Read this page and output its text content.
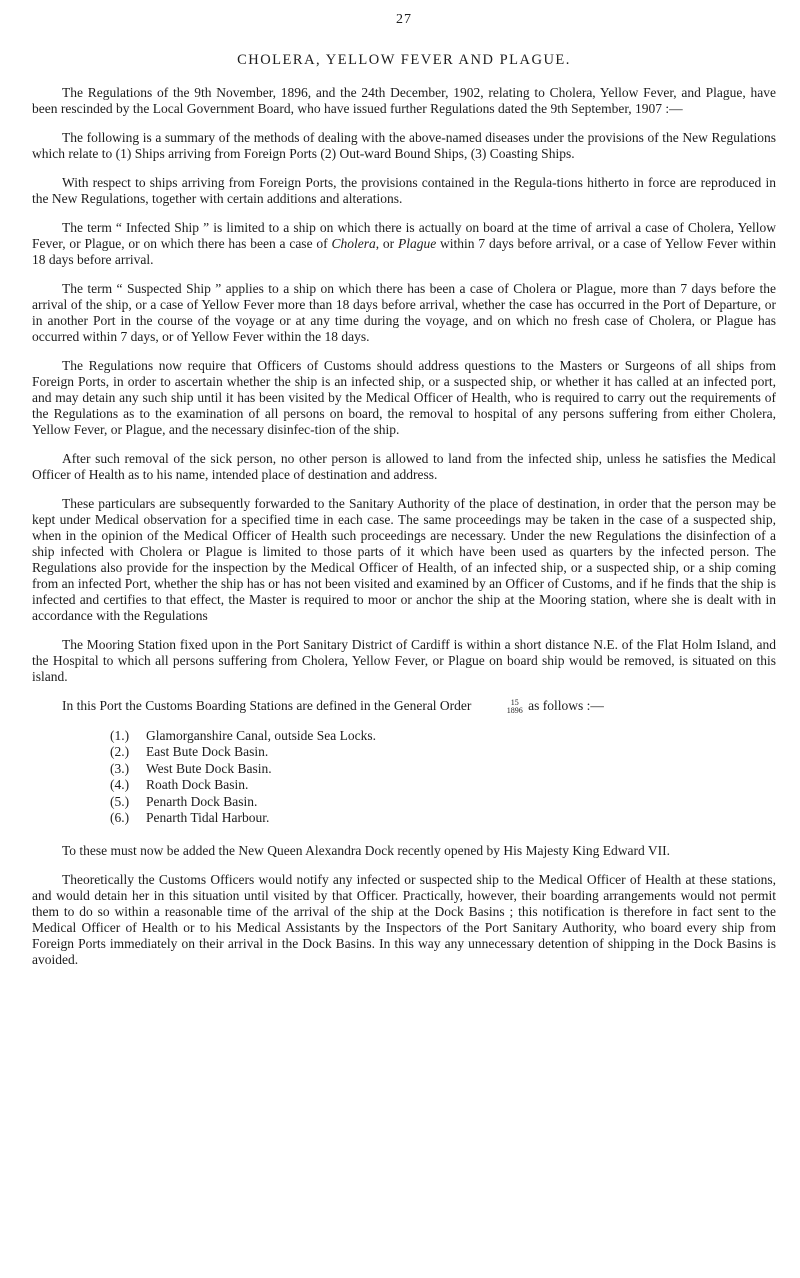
27
CHOLERA, YELLOW FEVER AND PLAGUE.

The Regulations of the 9th November, 1896, and the 24th December, 1902, relating to Cholera, Yellow Fever, and Plague, have been rescinded by the Local Government Board, who have issued further Regulations dated the 9th September, 1907 :—

The following is a summary of the methods of dealing with the above-named diseases under the provisions of the New Regulations which relate to (1) Ships arriving from Foreign Ports (2) Out-ward Bound Ships, (3) Coasting Ships.

With respect to ships arriving from Foreign Ports, the provisions contained in the Regula-tions hitherto in force are reproduced in the New Regulations, together with certain additions and alterations.

The term “ Infected Ship ” is limited to a ship on which there is actually on board at the time of arrival a case of Cholera, Yellow Fever, or Plague, or on which there has been a case of Cholera, or Plague within 7 days before arrival, or a case of Yellow Fever within 18 days before arrival.

The term “ Suspected Ship ” applies to a ship on which there has been a case of Cholera or Plague, more than 7 days before the arrival of the ship, or a case of Yellow Fever more than 18 days before arrival, whether the case has occurred in the Port of Departure, or in another Port in the course of the voyage or at any time during the voyage, and on which no fresh case of Cholera, or Plague has occurred within 7 days, or of Yellow Fever within the 18 days.

The Regulations now require that Officers of Customs should address questions to the Masters or Surgeons of all ships from Foreign Ports, in order to ascertain whether the ship is an infected ship, or a suspected ship, or whether it has called at an infected port, and may detain any such ship until it has been visited by the Medical Officer of Health, who is required to carry out the requirements of the Regulations as to the examination of all persons on board, the removal to hospital of any persons suffering from either Cholera, Yellow Fever, or Plague, and the necessary disinfec-tion of the ship.

After such removal of the sick person, no other person is allowed to land from the infected ship, unless he satisfies the Medical Officer of Health as to his name, intended place of destination and address.

These particulars are subsequently forwarded to the Sanitary Authority of the place of destination, in order that the person may be kept under Medical observation for a specified time in each case. The same proceedings may be taken in the case of a suspected ship, when in the opinion of the Medical Officer of Health such proceedings are necessary. Under the new Regulations the disinfection of a ship infected with Cholera or Plague is limited to those parts of it which have been used as quarters by the infected person. The Regulations also provide for the inspection by the Medical Officer of Health, of an infected ship, or a suspected ship, or a ship coming from an infected Port, whether the ship has or has not been visited and examined by an Officer of Customs, and if he finds that the ship is infected and certifies to that effect, the Master is required to moor or anchor the ship at the Mooring station, where she is dealt with in accordance with the Regulations

The Mooring Station fixed upon in the Port Sanitary District of Cardiff is within a short distance N.E. of the Flat Holm Island, and the Hospital to which all persons suffering from Cholera, Yellow Fever, or Plague on board ship would be removed, is situated on this island.

In this Port the Customs Boarding Stations are defined in the General Order	15
1896 as follows :—

(1.)	Glamorganshire Canal, outside Sea Locks.
(2.)	East Bute Dock Basin.
(3.)	West Bute Dock Basin.
(4.)	Roath Dock Basin.
(5.)	Penarth Dock Basin.
(6.)	Penarth Tidal Harbour.

To these must now be added the New Queen Alexandra Dock recently opened by His Majesty King Edward VII.

Theoretically the Customs Officers would notify any infected or suspected ship to the Medical Officer of Health at these stations, and would detain her in this situation until visited by that Officer. Practically, however, their boarding arrangements would not permit them to do so within a reasonable time of the arrival of the ship at the Dock Basins ; this notification is therefore in fact sent to the Medical Officer of Health or to his Medical Assistants by the Inspectors of the Port Sanitary Authority, who board every ship from Foreign Ports immediately on their arrival in the Dock Basins. In this way any unnecessary detention of shipping in the Dock Basins is avoided.
